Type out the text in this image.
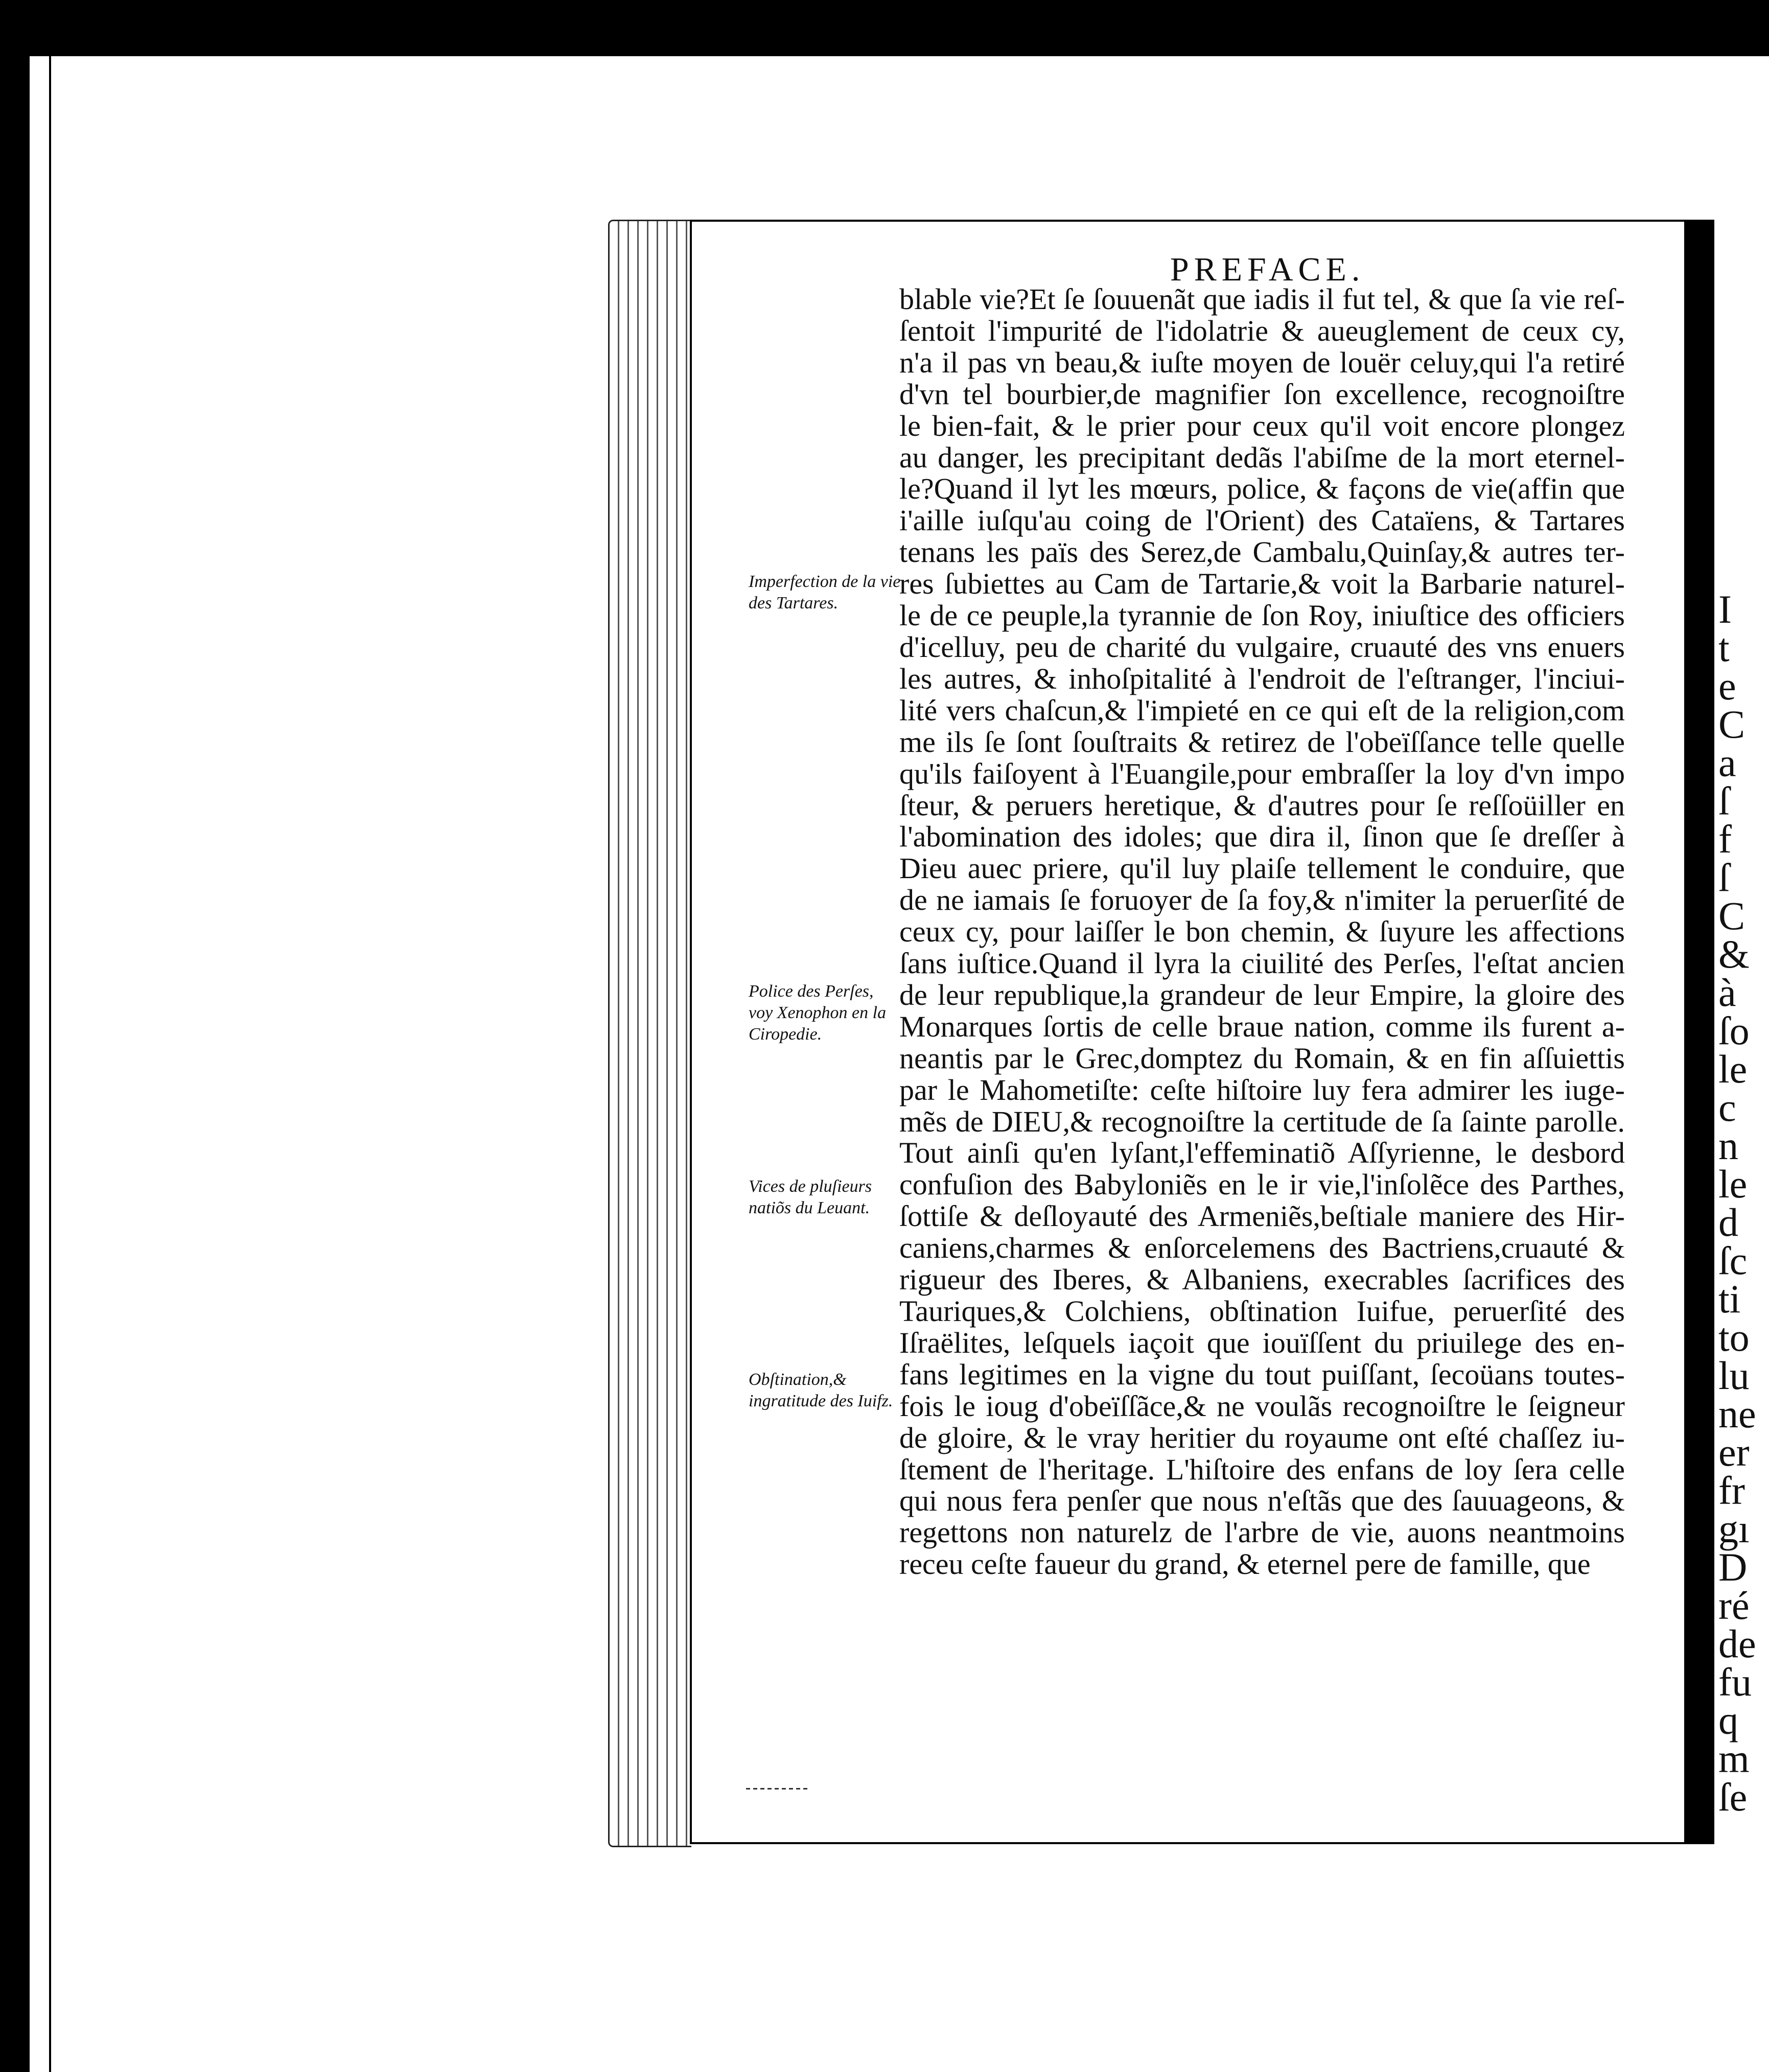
PREFACE.
blable vie?Et ſe ſouuenãt que iadis il fut tel, & que ſa vie reſ-
ſentoit l'impurité de l'idolatrie & aueuglement de ceux cy,
n'a il pas vn beau,& iuſte moyen de louër celuy,qui l'a retiré
d'vn tel bourbier,de magnifier ſon excellence, recognoiſtre
le bien-fait, & le prier pour ceux qu'il voit encore plongez
au danger, les precipitant dedãs l'abiſme de la mort eternel-
le?Quand il lyt les mœurs, police, & façons de vie(affin que
i'aille iuſqu'au coing de l'Orient) des Cataïens, & Tartares
tenans les païs des Serez,de Cambalu,Quinſay,& autres ter-
res ſubiettes au Cam de Tartarie,& voit la Barbarie naturel-
le de ce peuple,la tyrannie de ſon Roy, iniuſtice des officiers
d'icelluy, peu de charité du vulgaire, cruauté des vns enuers
les autres, & inhoſpitalité à l'endroit de l'eſtranger, l'inciui-
lité vers chaſcun,& l'impieté en ce qui eſt de la religion,com
me ils ſe ſont ſouſtraits & retirez de l'obeïſſance telle quelle
qu'ils faiſoyent à l'Euangile,pour embraſſer la loy d'vn impo
ſteur, & peruers heretique, & d'autres pour ſe reſſoüiller en
l'abomination des idoles; que dira il, ſinon que ſe dreſſer à
Dieu auec priere, qu'il luy plaiſe tellement le conduire, que
de ne iamais ſe foruoyer de ſa foy,& n'imiter la peruerſité de
ceux cy, pour laiſſer le bon chemin, & ſuyure les affections
ſans iuſtice.Quand il lyra la ciuilité des Perſes, l'eſtat ancien
de leur republique,la grandeur de leur Empire, la gloire des
Monarques ſortis de celle braue nation, comme ils furent a-
neantis par le Grec,domptez du Romain, & en fin aſſuiettis
par le Mahometiſte: ceſte hiſtoire luy fera admirer les iuge-
mẽs de DIEU,& recognoiſtre la certitude de ſa ſainte parolle.
Tout ainſi qu'en lyſant,l'effeminatiõ Aſſyrienne, le desbord
confuſion des Babyloniẽs en le ir vie,l'inſolẽce des Parthes,
ſottiſe & deſloyauté des Armeniẽs,beſtiale maniere des Hir-
caniens,charmes & enſorcelemens des Bactriens,cruauté &
rigueur des Iberes, & Albaniens, execrables ſacrifices des
Tauriques,& Colchiens, obſtination Iuifue, peruerſité des
Iſraëlites, leſquels iaçoit que iouïſſent du priuilege des en-
fans legitimes en la vigne du tout puiſſant, ſecoüans toutes-
fois le ioug d'obeïſſãce,& ne voulãs recognoiſtre le ſeigneur
de gloire, & le vray heritier du royaume ont eſté chaſſez iu-
ſtement de l'heritage. L'hiſtoire des enfans de loy ſera celle
qui nous fera penſer que nous n'eſtãs que des ſauuageons, &
regettons non naturelz de l'arbre de vie, auons neantmoins
receu ceſte faueur du grand, & eternel pere de famille, que
Imperfection de la vie des Tartares.
Police des Perſes, voy Xenophon en la Ciropedie.
Vices de pluſieurs natiõs du Leuant.
Obſtination,& ingratitude des Iuifz.
I
t
e
C
a
ſ
f
ſ
C
&
à
ſo
le
c
n
le
d
ſc
ti
to
lu
ne
er
fr
gı
D
ré
de
fu
q
m
ſe
